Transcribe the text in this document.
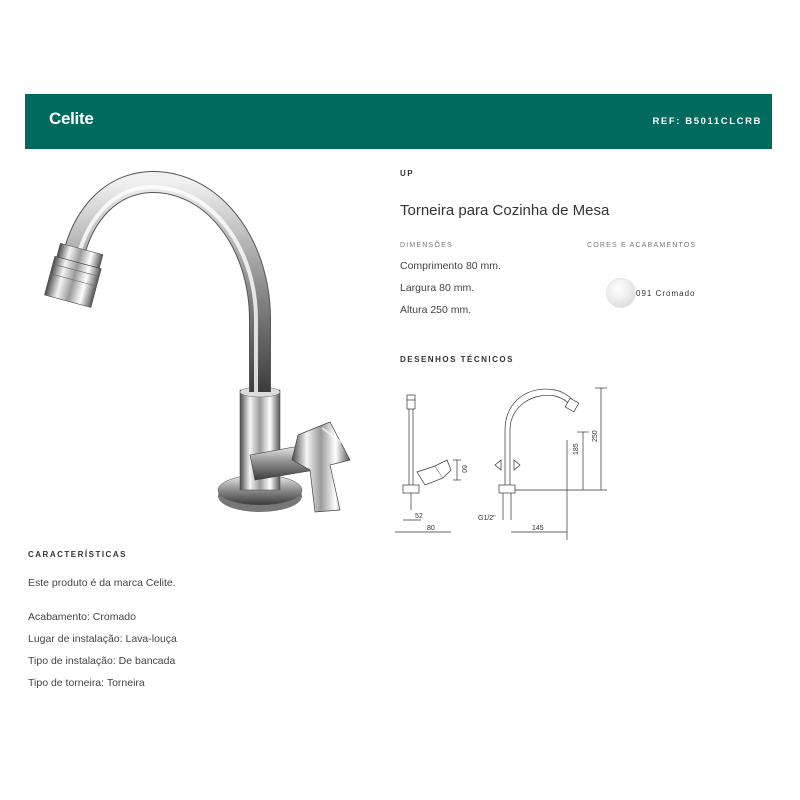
Celite	REF: B5011CLCRB
UP
Torneira para Cozinha de Mesa
DIMENSÕES
Comprimento 80 mm.
Largura 80 mm.
Altura 250 mm.
CORES E ACABAMENTOS
091 Cromado
DESENHOS TÉCNICOS
52
80
60
G1/2"
145
185
250
CARACTERÍSTICAS
Este produto é da marca Celite.
Acabamento: Cromado
Lugar de instalação: Lava-louça
Tipo de instalação: De bancada
Tipo de torneira: Torneira
